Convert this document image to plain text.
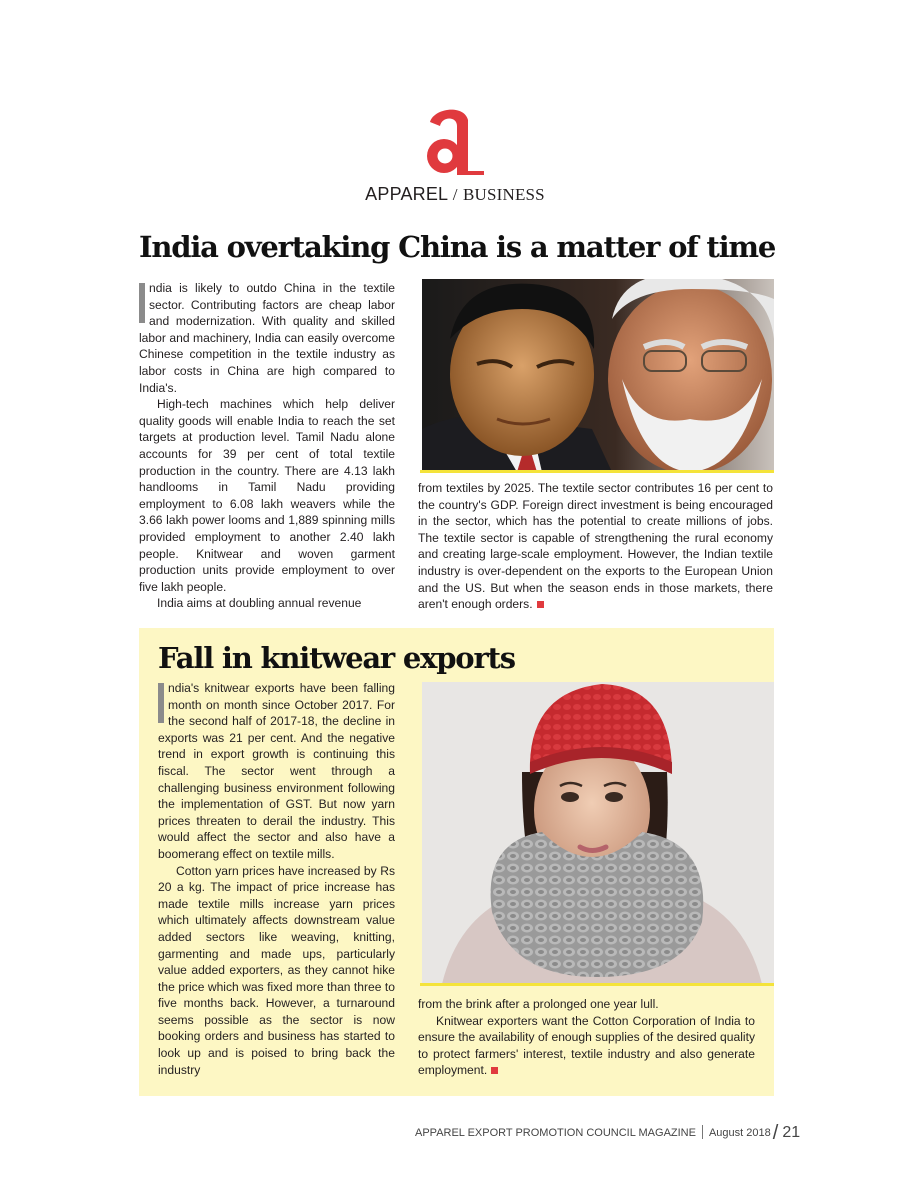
APPAREL / BUSINESS
India overtaking China is a matter of time

ndia is likely to outdo China in the textile sector. Contributing factors are cheap labor and modernization. With quality and skilled labor and machinery, India can easily overcome Chinese competition in the textile industry as labor costs in China are high compared to India's.

High-tech machines which help deliver quality goods will enable India to reach the set targets at production level. Tamil Nadu alone accounts for 39 per cent of total textile production in the country. There are 4.13 lakh handlooms in Tamil Nadu providing employment to 6.08 lakh weavers while the 3.66 lakh power looms and 1,889 spinning mills provided employment to another 2.40 lakh people. Knitwear and woven garment production units provide employment to over five lakh people.

India aims at doubling annual revenue

from textiles by 2025. The textile sector contributes 16 per cent to the country's GDP. Foreign direct investment is being encouraged in the sector, which has the potential to create millions of jobs. The textile sector is capable of strengthening the rural economy and creating large-scale employment. However, the Indian textile industry is over-dependent on the exports to the European Union and the US. But when the season ends in those markets, there aren't enough orders.

Fall in knitwear exports

ndia's knitwear exports have been falling month on month since October 2017. For the second half of 2017-18, the decline in exports was 21 per cent. And the negative trend in export growth is continuing this fiscal. The sector went through a challenging business environment following the implementation of GST. But now yarn prices threaten to derail the industry. This would affect the sector and also have a boomerang effect on textile mills.

Cotton yarn prices have increased by Rs 20 a kg. The impact of price increase has made textile mills increase yarn prices which ultimately affects downstream value added sectors like weaving, knitting, garmenting and made ups, particularly value added exporters, as they cannot hike the price which was fixed more than three to five months back. However, a turnaround seems possible as the sector is now booking orders and business has started to look up and is poised to bring back the industry

from the brink after a prolonged one year lull.

Knitwear exporters want the Cotton Corporation of India to ensure the availability of enough supplies of the desired quality to protect farmers' interest, textile industry and also generate employment.

APPAREL EXPORT PROMOTION COUNCIL MAGAZINE August 2018 / 21
